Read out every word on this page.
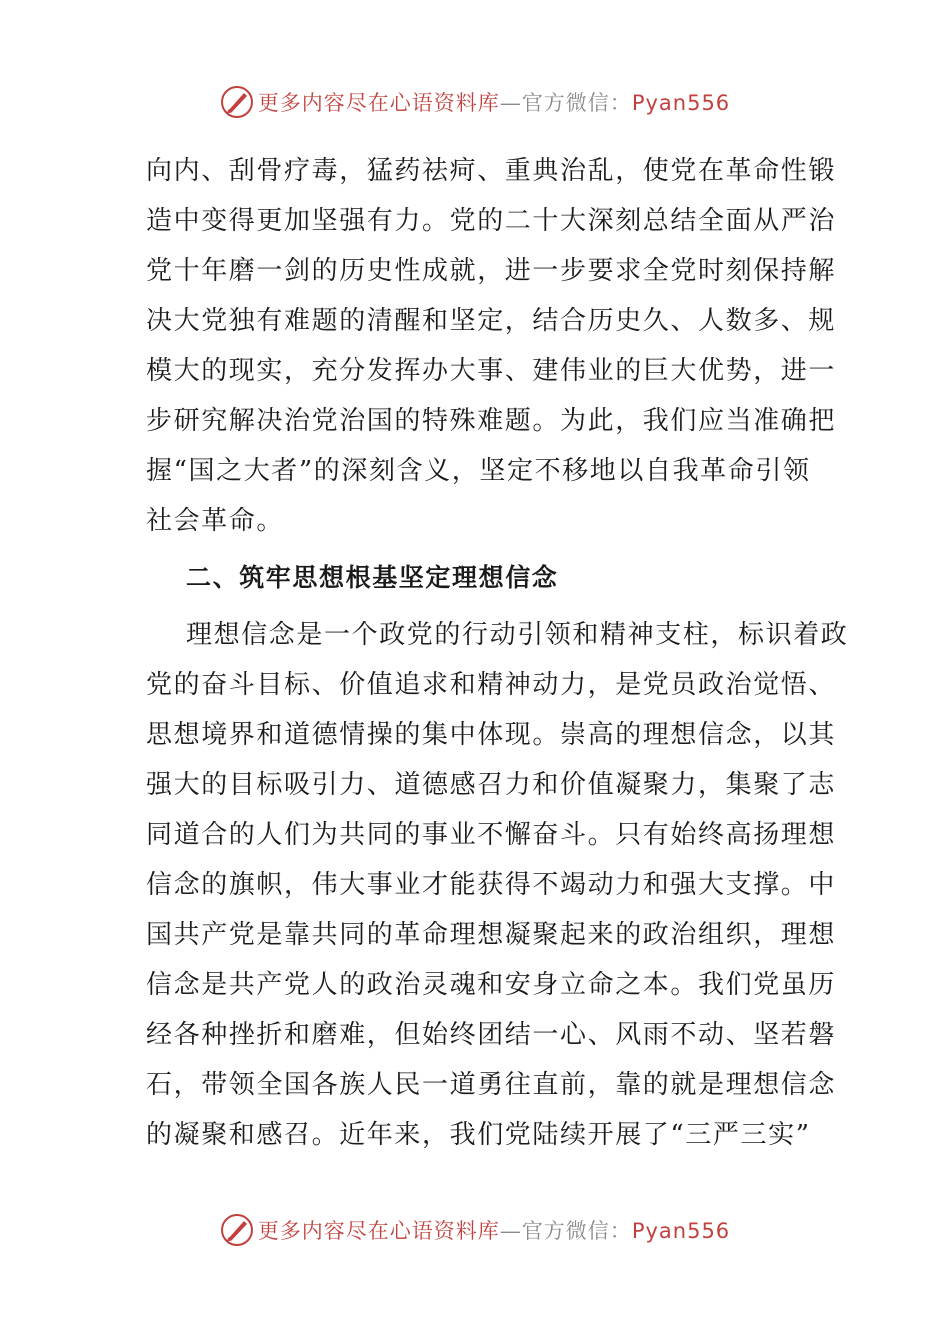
更多内容尽在心语资料库—官方微信：Pyan556
向内、刮骨疗毒，猛药祛疴、重典治乱，使党在革命性锻
造中变得更加坚强有力。党的二十大深刻总结全面从严治
党十年磨一剑的历史性成就，进一步要求全党时刻保持解
决大党独有难题的清醒和坚定，结合历史久、人数多、规
模大的现实，充分发挥办大事、建伟业的巨大优势，进一
步研究解决治党治国的特殊难题。为此，我们应当准确把
握“国之大者”的深刻含义，坚定不移地以自我革命引领
社会革命。
二、筑牢思想根基坚定理想信念
理想信念是一个政党的行动引领和精神支柱，标识着政
党的奋斗目标、价值追求和精神动力，是党员政治觉悟、
思想境界和道德情操的集中体现。崇高的理想信念，以其
强大的目标吸引力、道德感召力和价值凝聚力，集聚了志
同道合的人们为共同的事业不懈奋斗。只有始终高扬理想
信念的旗帜，伟大事业才能获得不竭动力和强大支撑。中
国共产党是靠共同的革命理想凝聚起来的政治组织，理想
信念是共产党人的政治灵魂和安身立命之本。我们党虽历
经各种挫折和磨难，但始终团结一心、风雨不动、坚若磐
石，带领全国各族人民一道勇往直前，靠的就是理想信念
的凝聚和感召。近年来，我们党陆续开展了“三严三实”
更多内容尽在心语资料库—官方微信：Pyan556
